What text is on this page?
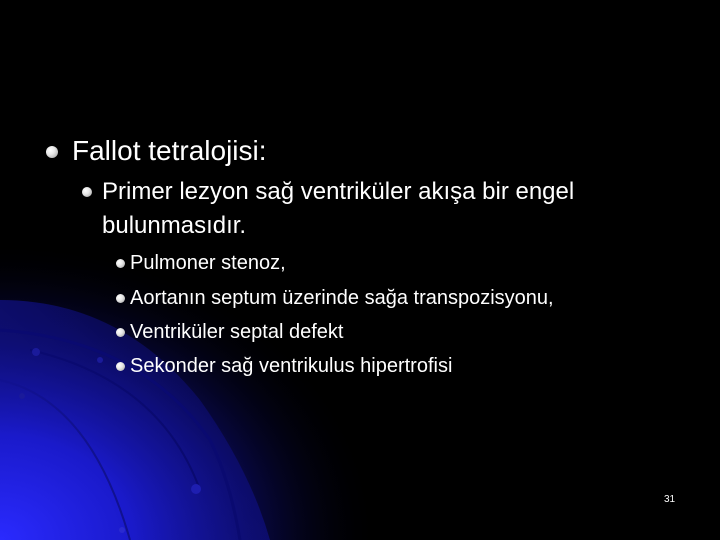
Fallot tetralojisi:

Primer lezyon sağ ventriküler akışa bir engel

bulunmasıdır.

Pulmoner stenoz,

Aortanın septum üzerinde sağa transpozisyonu,

Ventriküler septal defekt

Sekonder sağ ventrikulus hipertrofisi

31
